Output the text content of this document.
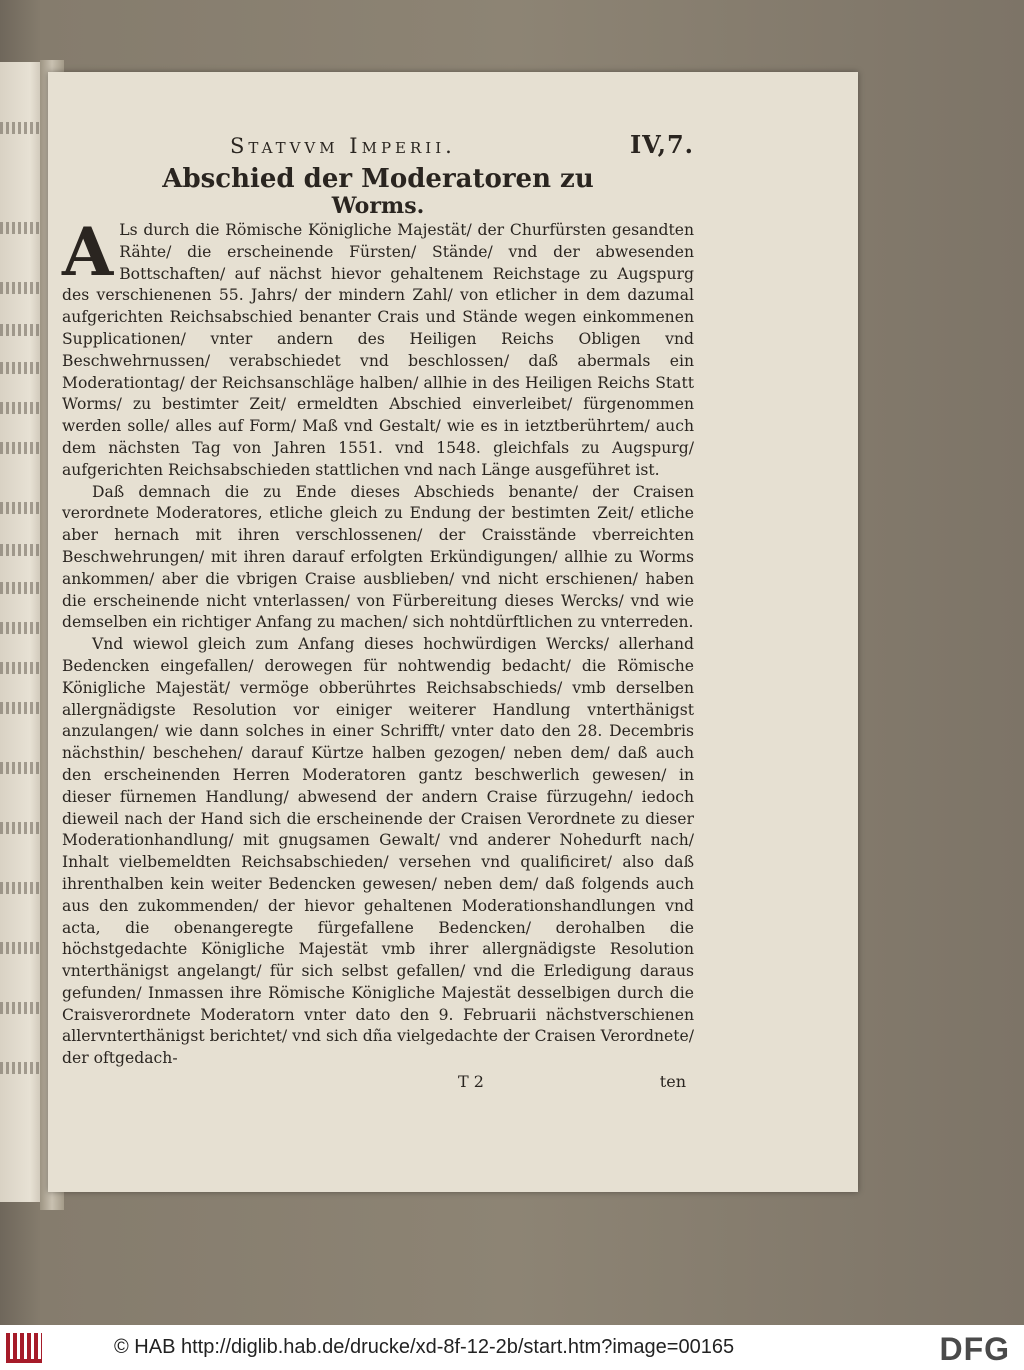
Statvvm Imperii.	IV,7.
Abschied der Moderatoren zu
Worms.

A Ls durch die Römische Königliche Majestät/ der Churfürsten gesandten Rähte/ die erscheinende Fürsten/ Stände/ vnd der abwesenden Bottschaften/ auf nächst hievor gehaltenem Reichstage zu Augspurg des verschienenen 55. Jahrs/ der mindern Zahl/ von etlicher in dem dazumal aufgerichten Reichsabschied benanter Crais und Stände wegen einkommenen Supplicationen/ vnter andern des Heiligen Reichs Obligen vnd Beschwehrnussen/ verabschiedet vnd beschlossen/ daß abermals ein Moderationtag/ der Reichsanschläge halben/ allhie in des Heiligen Reichs Statt Worms/ zu bestimter Zeit/ ermeldten Abschied einverleibet/ fürgenommen werden solle/ alles auf Form/ Maß vnd Gestalt/ wie es in ietztberührtem/ auch dem nächsten Tag von Jahren 1551. vnd 1548. gleichfals zu Augspurg/ aufgerichten Reichsabschieden stattlichen vnd nach Länge ausgeführet ist.

Daß demnach die zu Ende dieses Abschieds benante/ der Craisen verordnete Moderatores, etliche gleich zu Endung der bestimten Zeit/ etliche aber hernach mit ihren verschlossenen/ der Craisstände vberreichten Beschwehrungen/ mit ihren darauf erfolgten Erkündigungen/ allhie zu Worms ankommen/ aber die vbrigen Craise ausblieben/ vnd nicht erschienen/ haben die erscheinende nicht vnterlassen/ von Fürbereitung dieses Wercks/ vnd wie demselben ein richtiger Anfang zu machen/ sich nohtdürftlichen zu vnterreden.

Vnd wiewol gleich zum Anfang dieses hochwürdigen Wercks/ allerhand Bedencken eingefallen/ derowegen für nohtwendig bedacht/ die Römische Königliche Majestät/ vermöge obberührtes Reichsabschieds/ vmb derselben allergnädigste Resolution vor einiger weiterer Handlung vnterthänigst anzulangen/ wie dann solches in einer Schrifft/ vnter dato den 28. Decembris nächsthin/ beschehen/ darauf Kürtze halben gezogen/ neben dem/ daß auch den erscheinenden Herren Moderatoren gantz beschwerlich gewesen/ in dieser fürnemen Handlung/ abwesend der andern Craise fürzugehn/ iedoch dieweil nach der Hand sich die erscheinende der Craisen Verordnete zu dieser Moderationhandlung/ mit gnugsamen Gewalt/ vnd anderer Nohedurft nach/ Inhalt vielbemeldten Reichsabschieden/ versehen vnd qualificiret/ also daß ihrenthalben kein weiter Bedencken gewesen/ neben dem/ daß folgends auch aus den zukommenden/ der hievor gehaltenen Moderationshandlungen vnd acta, die obenangeregte fürgefallene Bedencken/ derohalben die höchstgedachte Königliche Majestät vmb ihrer allergnädigste Resolution vnterthänigst angelangt/ für sich selbst gefallen/ vnd die Erledigung daraus gefunden/ Inmassen ihre Römische Königliche Majestät desselbigen durch die Craisverordnete Moderatorn vnter dato den 9. Februarii nächstverschienen allervnterthänigst berichtet/ vnd sich dña vielgedachte der Craisen Verordnete/ der oftgedach-

T 2	ten
© HAB http://diglib.hab.de/drucke/xd-8f-12-2b/start.htm?image=00165	DFG
